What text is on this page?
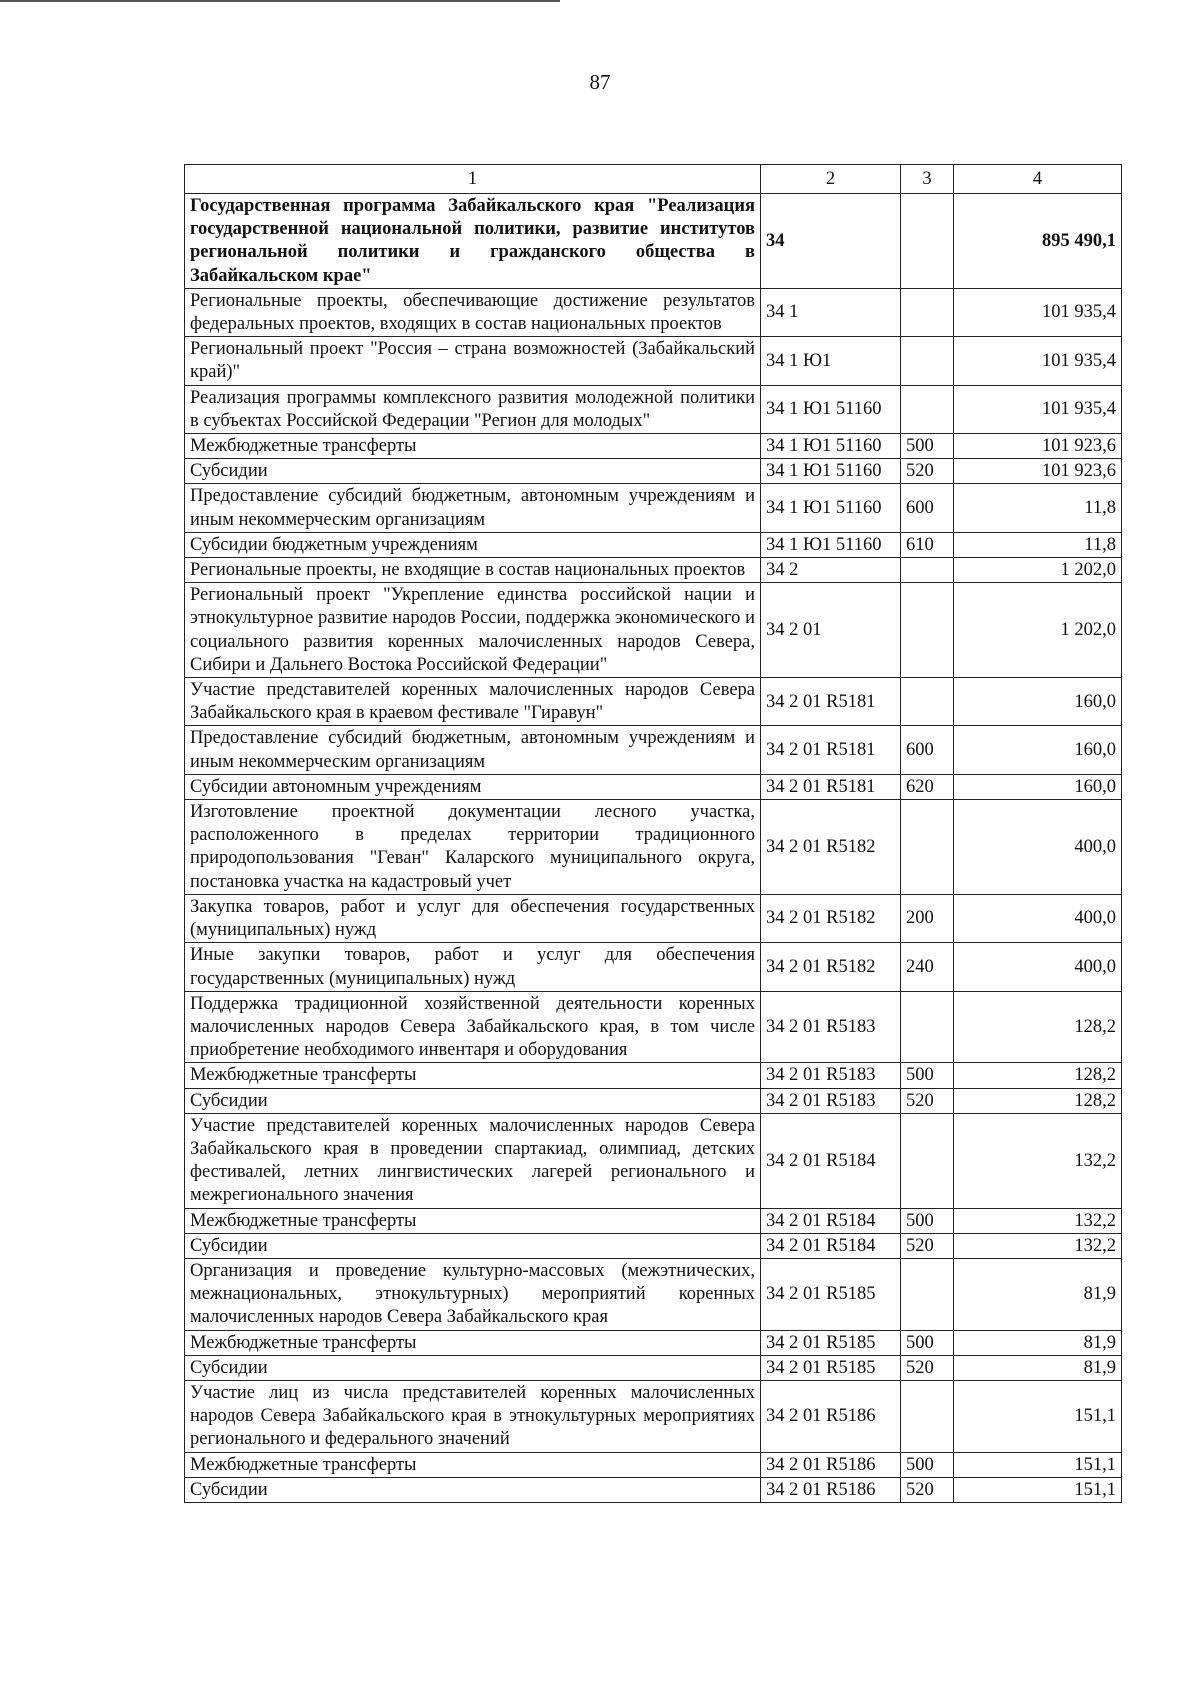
87
1	2	3	4
Государственная программа Забайкальского края "Реализация государственной национальной политики, развитие институтов региональной политики и гражданского общества в Забайкальском крае"	34		895 490,1
Региональные проекты, обеспечивающие достижение результатов федеральных проектов, входящих в состав национальных проектов	34 1		101 935,4
Региональный проект "Россия – страна возможностей (Забайкальский край)"	34 1 Ю1		101 935,4
Реализация программы комплексного развития молодежной политики в субъектах Российской Федерации "Регион для молодых"	34 1 Ю1 51160		101 935,4
Межбюджетные трансферты	34 1 Ю1 51160	500	101 923,6
Субсидии	34 1 Ю1 51160	520	101 923,6
Предоставление субсидий бюджетным, автономным учреждениям и иным некоммерческим организациям	34 1 Ю1 51160	600	11,8
Субсидии бюджетным учреждениям	34 1 Ю1 51160	610	11,8
Региональные проекты, не входящие в состав национальных проектов	34 2		1 202,0
Региональный проект "Укрепление единства российской нации и этнокультурное развитие народов России, поддержка экономического и социального развития коренных малочисленных народов Севера, Сибири и Дальнего Востока Российской Федерации"	34 2 01		1 202,0
Участие представителей коренных малочисленных народов Севера Забайкальского края в краевом фестивале "Гиравун"	34 2 01 R5181		160,0
Предоставление субсидий бюджетным, автономным учреждениям и иным некоммерческим организациям	34 2 01 R5181	600	160,0
Субсидии автономным учреждениям	34 2 01 R5181	620	160,0
Изготовление проектной документации лесного участка, расположенного в пределах территории традиционного природопользования "Геван" Каларского муниципального округа, постановка участка на кадастровый учет	34 2 01 R5182		400,0
Закупка товаров, работ и услуг для обеспечения государственных (муниципальных) нужд	34 2 01 R5182	200	400,0
Иные закупки товаров, работ и услуг для обеспечения государственных (муниципальных) нужд	34 2 01 R5182	240	400,0
Поддержка традиционной хозяйственной деятельности коренных малочисленных народов Севера Забайкальского края, в том числе приобретение необходимого инвентаря и оборудования	34 2 01 R5183		128,2
Межбюджетные трансферты	34 2 01 R5183	500	128,2
Субсидии	34 2 01 R5183	520	128,2
Участие представителей коренных малочисленных народов Севера Забайкальского края в проведении спартакиад, олимпиад, детских фестивалей, летних лингвистических лагерей регионального и межрегионального значения	34 2 01 R5184		132,2
Межбюджетные трансферты	34 2 01 R5184	500	132,2
Субсидии	34 2 01 R5184	520	132,2
Организация и проведение культурно-массовых (межэтнических, межнациональных, этнокультурных) мероприятий коренных малочисленных народов Севера Забайкальского края	34 2 01 R5185		81,9
Межбюджетные трансферты	34 2 01 R5185	500	81,9
Субсидии	34 2 01 R5185	520	81,9
Участие лиц из числа представителей коренных малочисленных народов Севера Забайкальского края в этнокультурных мероприятиях регионального и федерального значений	34 2 01 R5186		151,1
Межбюджетные трансферты	34 2 01 R5186	500	151,1
Субсидии	34 2 01 R5186	520	151,1
